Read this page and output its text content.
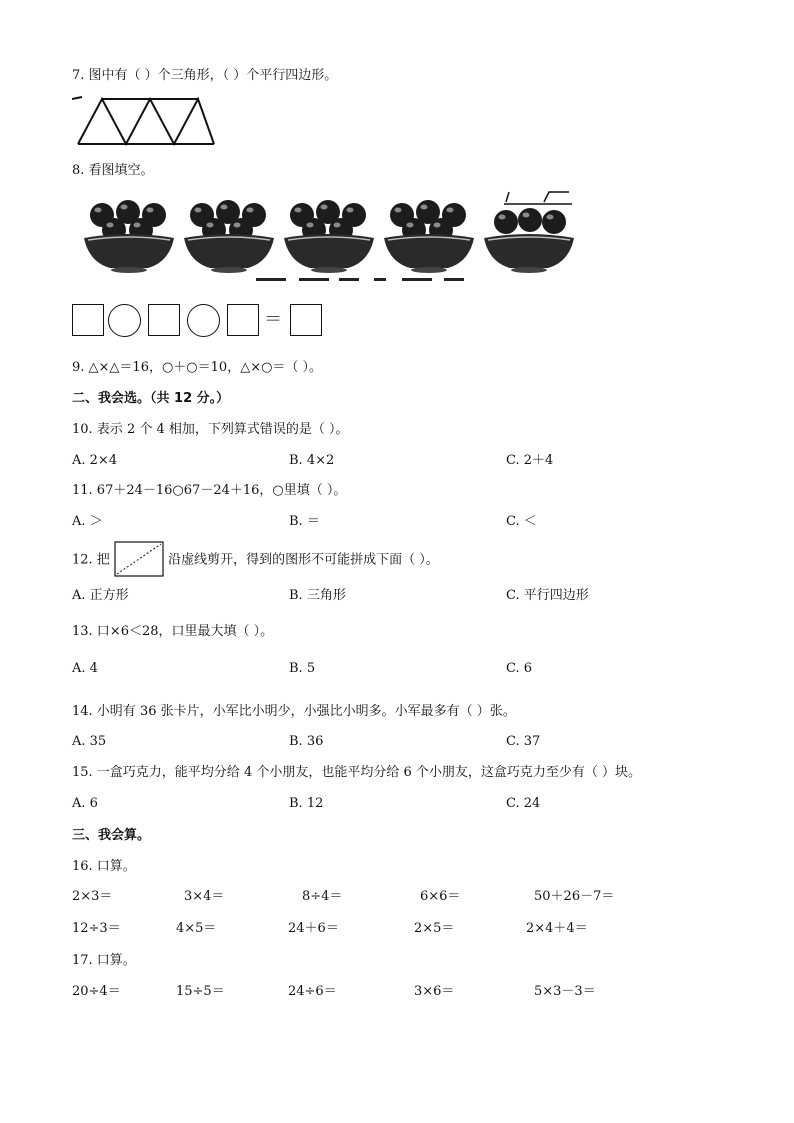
7. 图中有（ ）个三角形，（ ）个平行四边形。
8. 看图填空。
＝
9. △×△＝16，○＋○＝10，△×○＝（ ）。
二、我会选。（共 12 分。）
10. 表示 2 个 4 相加，下列算式错误的是（ ）。
A. 2×4	B. 4×2	C. 2＋4
11. 67＋24－16○67－24＋16，○里填（ ）。
A. ＞	B. ＝	C. ＜
12. 把	沿虚线剪开，得到的图形不可能拼成下面（ ）。
A. 正方形	B. 三角形	C. 平行四边形
13. 口×6＜28，口里最大填（ ）。
A. 4	B. 5	C. 6
14. 小明有 36 张卡片，小军比小明少，小强比小明多。小军最多有（ ）张。
A. 35	B. 36	C. 37
15. 一盒巧克力，能平均分给 4 个小朋友，也能平均分给 6 个小朋友，这盒巧克力至少有（ ）块。
A. 6	B. 12	C. 24
三、我会算。
16. 口算。
2×3＝	3×4＝	8÷4＝	6×6＝	50＋26－7＝
12÷3＝	4×5＝	24＋6＝	2×5＝	2×4＋4＝
17. 口算。
20÷4＝	15÷5＝	24÷6＝	3×6＝	5×3－3＝
